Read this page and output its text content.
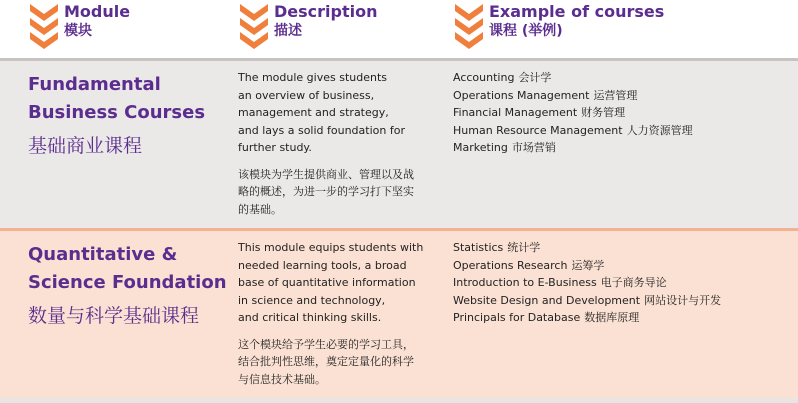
Module
模块
Description
描述
Example of courses
课程 (举例)
Fundamental
Business Courses
基础商业课程
The module gives students
an overview of business,
management and strategy,
and lays a solid foundation for
further study.
该模块为学生提供商业、管理以及战
略的概述，为进一步的学习打下坚实
的基础。
Accounting 会计学
Operations Management 运营管理
Financial Management 财务管理
Human Resource Management 人力资源管理
Marketing 市场营销
Quantitative &
Science Foundation
数量与科学基础课程
This module equips students with
needed learning tools, a broad
base of quantitative information
in science and technology,
and critical thinking skills.
这个模块给予学生必要的学习工具，
结合批判性思维，奠定定量化的科学
与信息技术基础。
Statistics 统计学
Operations Research 运筹学
Introduction to E-Business 电子商务导论
Website Design and Development 网站设计与开发
Principals for Database 数据库原理
